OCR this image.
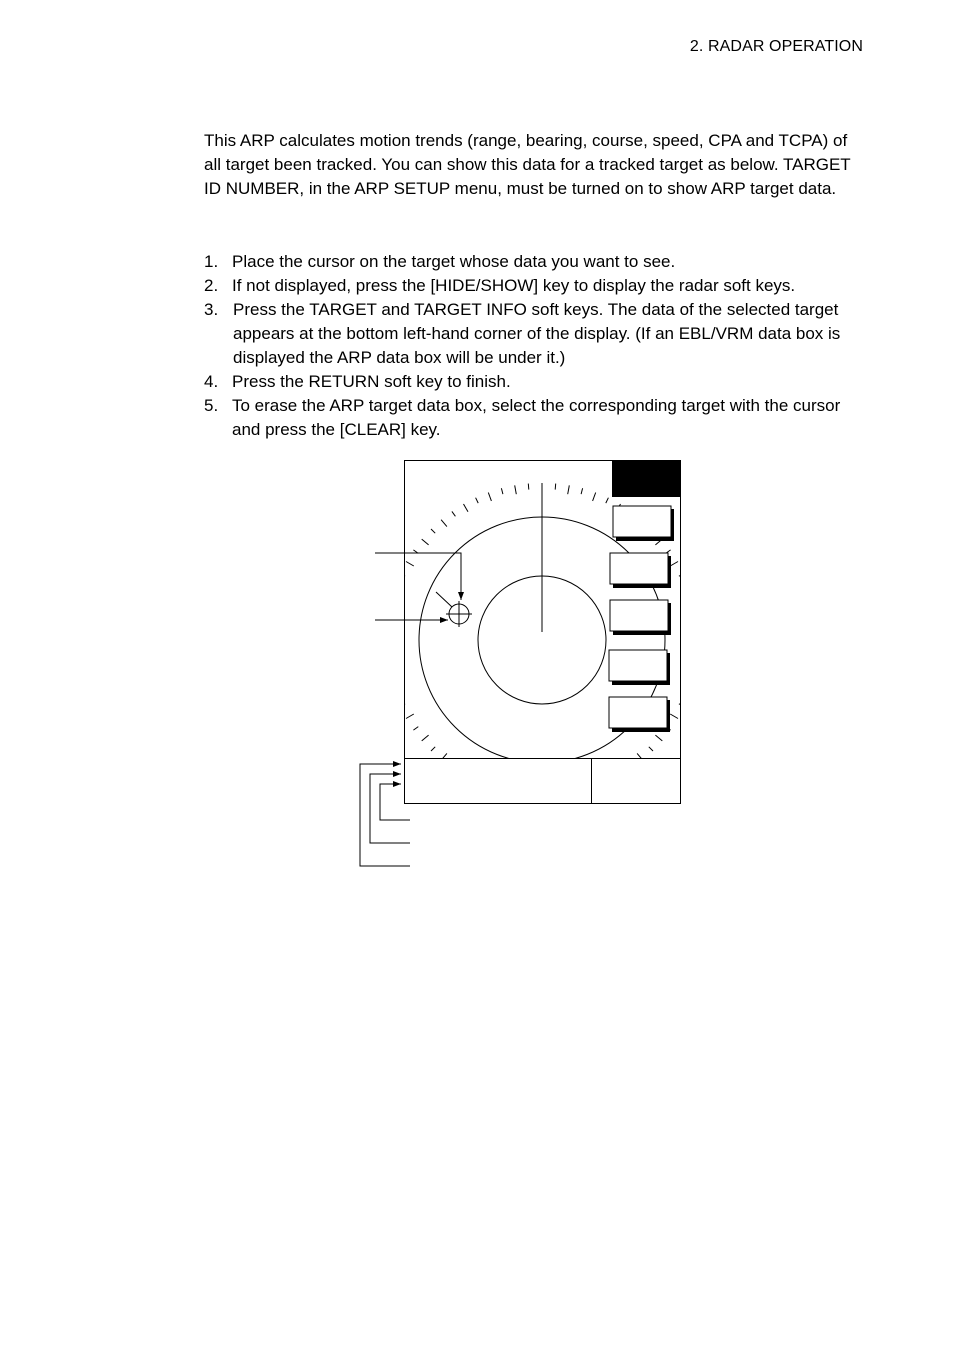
2. RADAR OPERATION

This ARP calculates motion trends (range, bearing, course, speed, CPA and TCPA) of all target been tracked. You can show this data for a tracked target as below. TARGET ID NUMBER, in the ARP SETUP menu, must be turned on to show ARP target data.

1. Place the cursor on the target whose data you want to see.
2. If not displayed, press the [HIDE/SHOW] key to display the radar soft keys.
3. Press the TARGET and TARGET INFO soft keys. The data of the selected target appears at the bottom left-hand corner of the display. (If an EBL/VRM data box is displayed the ARP data box will be under it.)
4. Press the RETURN soft key to finish.
5. To erase the ARP target data box, select the corresponding target with the cursor and press the [CLEAR] key.
